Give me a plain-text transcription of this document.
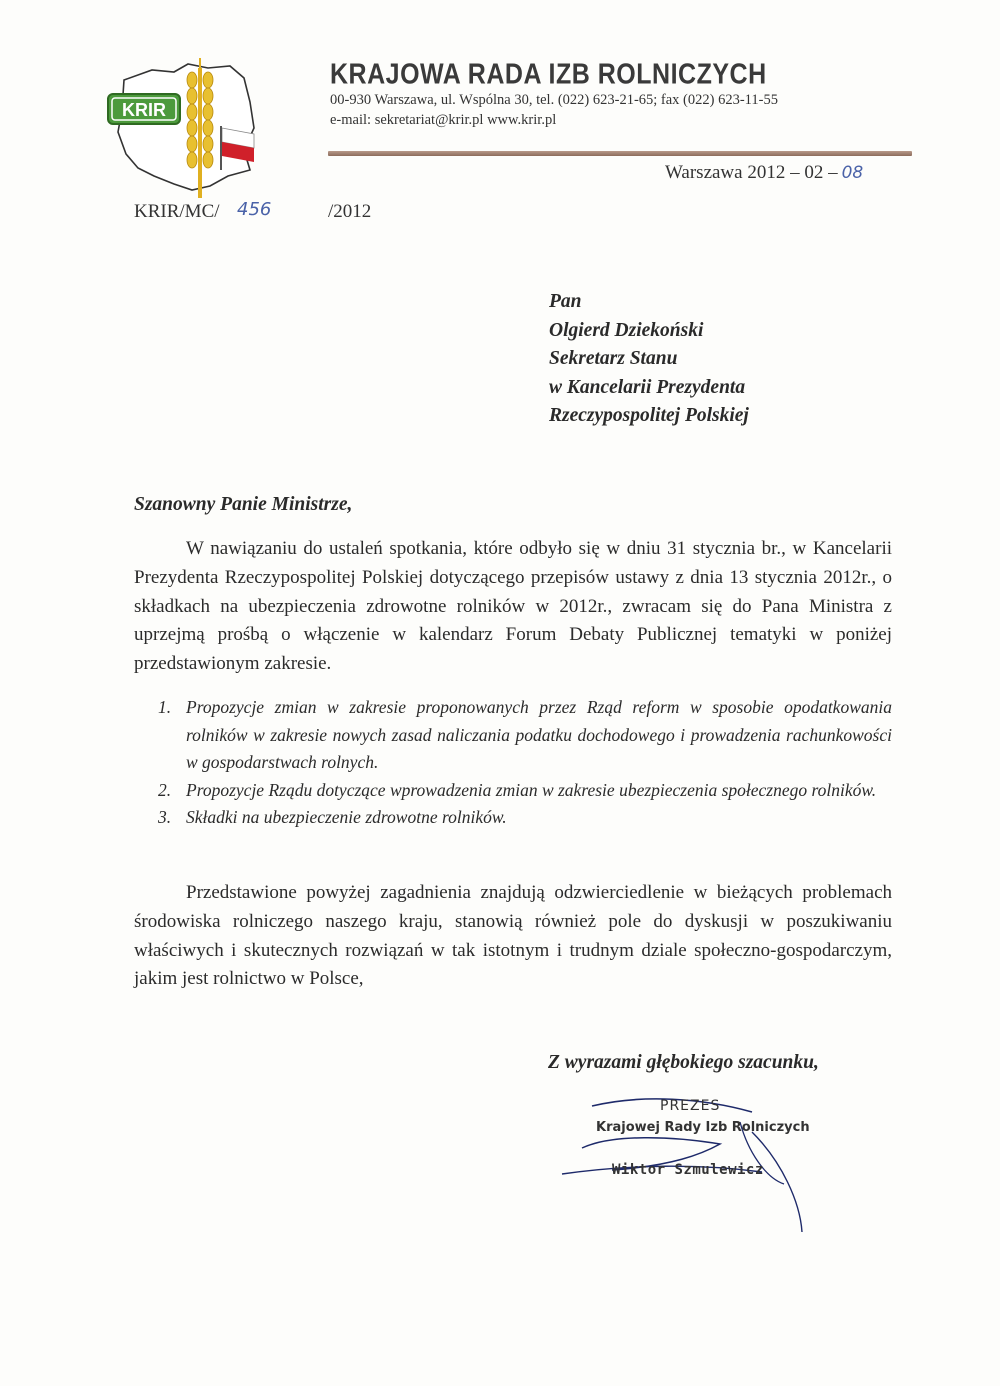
KRIR
KRAJOWA RADA IZB ROLNICZYCH
00-930 Warszawa, ul. Wspólna 30, tel. (022) 623-21-65; fax (022) 623-11-55
e-mail: sekretariat@krir.pl www.krir.pl
Warszawa 2012 – 02 – 08
KRIR/MC/ 456	/2012
Pan
Olgierd Dziekoński
Sekretarz Stanu
w Kancelarii Prezydenta
Rzeczypospolitej Polskiej
Szanowny Panie Ministrze,
W nawiązaniu do ustaleń spotkania, które odbyło się w dniu 31 stycznia br., w Kancelarii Prezydenta Rzeczypospolitej Polskiej dotyczącego przepisów ustawy z dnia 13 stycznia 2012r., o składkach na ubezpieczenia zdrowotne rolników w 2012r., zwracam się do Pana Ministra z uprzejmą prośbą o włączenie w kalendarz Forum Debaty Publicznej tematyki w poniżej przedstawionym zakresie.
1. Propozycje zmian w zakresie proponowanych przez Rząd reform w sposobie opodatkowania rolników w zakresie nowych zasad naliczania podatku dochodowego i prowadzenia rachunkowości w gospodarstwach rolnych.
2. Propozycje Rządu dotyczące wprowadzenia zmian w zakresie ubezpieczenia społecznego rolników.
3. Składki na ubezpieczenie zdrowotne rolników.
Przedstawione powyżej zagadnienia znajdują odzwierciedlenie w bieżących problemach środowiska rolniczego naszego kraju, stanowią również pole do dyskusji w poszukiwaniu właściwych i skutecznych rozwiązań w tak istotnym i trudnym dziale społeczno-gospodarczym, jakim jest rolnictwo w Polsce,
Z wyrazami głębokiego szacunku,
PREZES
Krajowej Rady Izb Rolniczych
Wiktor Szmulewicz
